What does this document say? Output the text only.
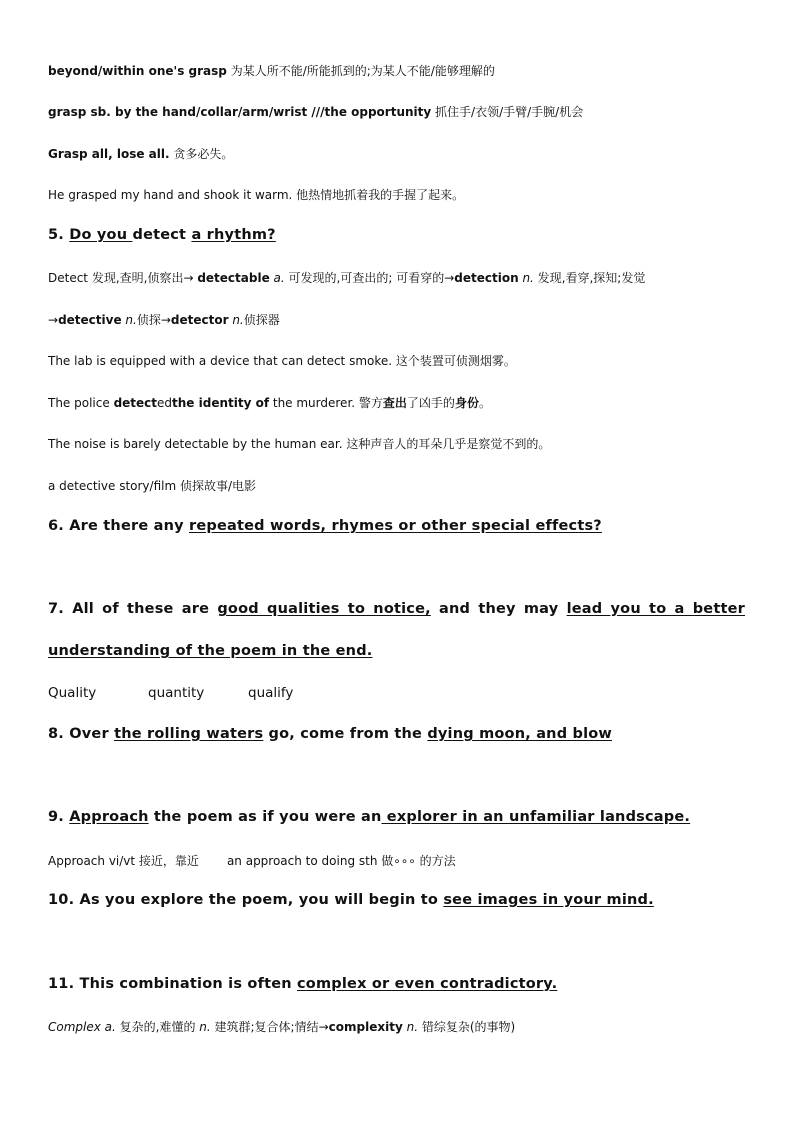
beyond/within one's grasp 为某人所不能/所能抓到的;为某人不能/能够理解的
grasp sb. by the hand/collar/arm/wrist ///the opportunity 抓住手/衣领/手臂/手腕/机会
Grasp all, lose all. 贪多必失。
He grasped my hand and shook it warm. 他热情地抓着我的手握了起来。
5. Do you detect a rhythm?
Detect 发现,查明,侦察出→ detectable a. 可发现的,可查出的; 可看穿的→detection n. 发现,看穿,探知;发觉
→detective n.侦探→detector n.侦探器
The lab is equipped with a device that can detect smoke. 这个装置可侦测烟雾。
The police detectedthe identity of the murderer. 警方查出了凶手的身份。
The noise is barely detectable by the human ear. 这种声音人的耳朵几乎是察觉不到的。
a detective story/film 侦探故事/电影
6. Are there any repeated words, rhymes or other special effects?
7. All of these are good qualities to notice, and they may lead you to a better
understanding of the poem in the end.
Quality	quantity	qualify
8. Over the rolling waters go, come from the dying moon, and blow
9. Approach the poem as if you were an explorer in an unfamiliar landscape.
Approach vi/vt 接近，靠近 an approach to doing sth 做∘∘∘ 的方法
10. As you explore the poem, you will begin to see images in your mind.
11. This combination is often complex or even contradictory.
Complex a. 复杂的,难懂的 n. 建筑群;复合体;情结→complexity n. 错综复杂(的事物)
